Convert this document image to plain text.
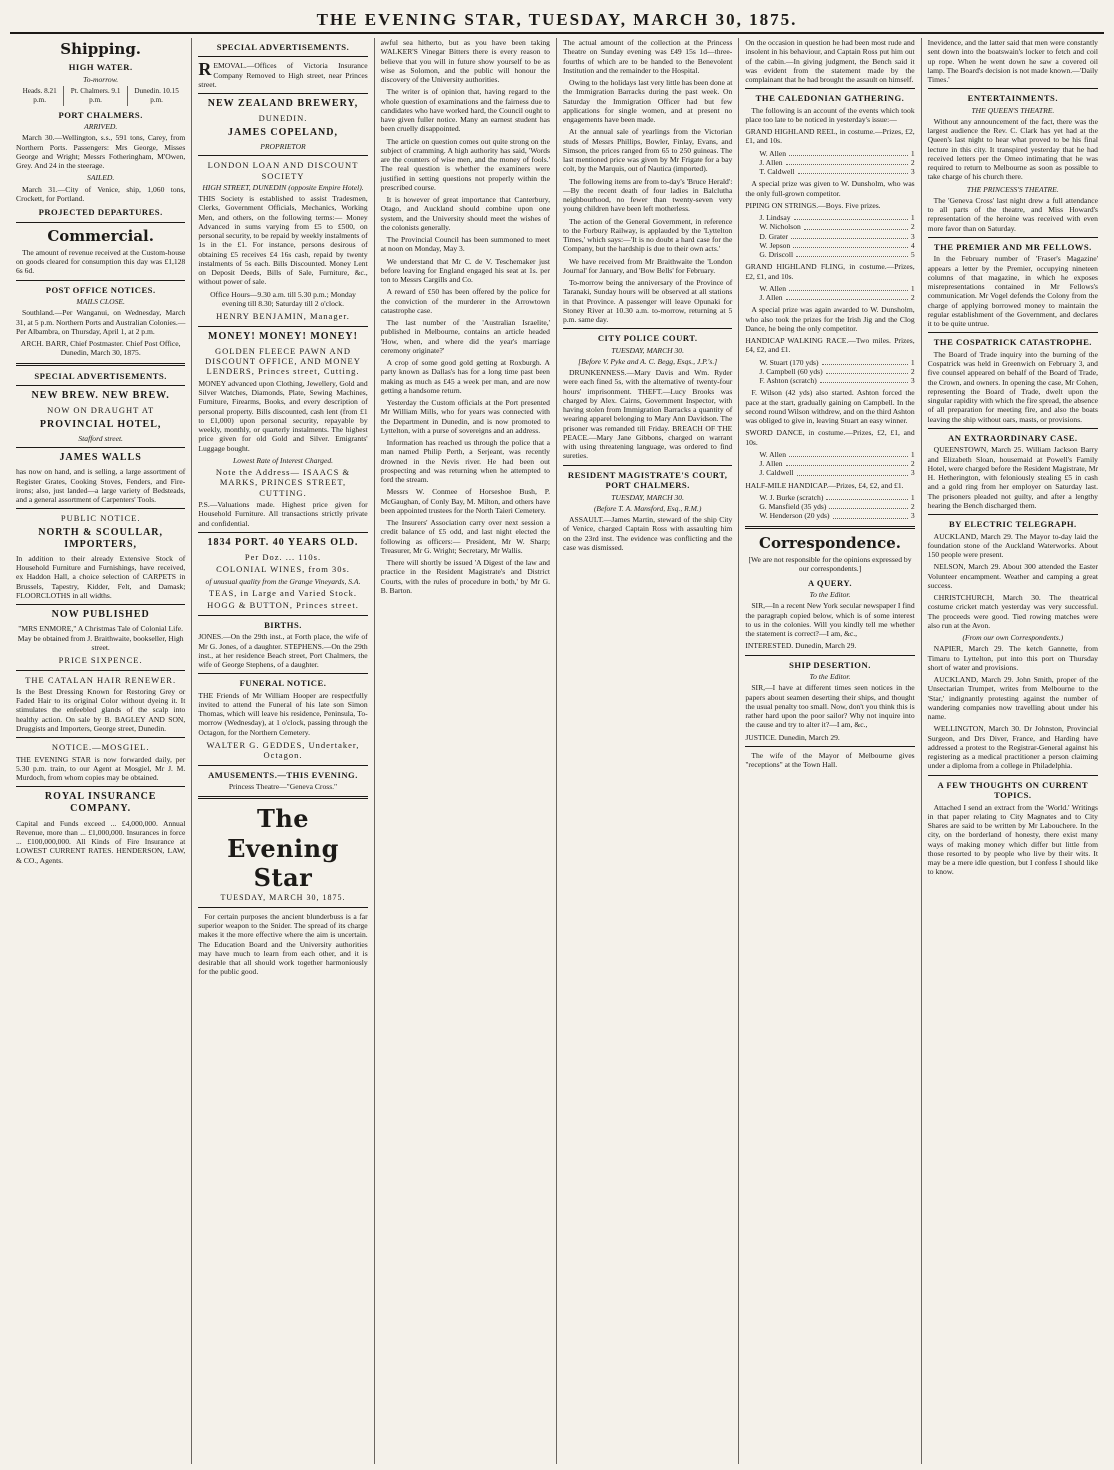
THE EVENING STAR, TUESDAY, MARCH 30, 1875.
Shipping.
HIGH WATER.
To-morrow.
Heads. 8.21 p.m.	Pt. Chalmers. 9.1 p.m.	Dunedin. 10.15 p.m.
PORT CHALMERS.
ARRIVED.

March 30.—Wellington, s.s., 591 tons, Carey, from Northern Ports. Passengers: Mrs George, Misses George and Wright; Messrs Fotheringham, M'Owen, Grey. And 24 in the steerage.

SAILED.

March 31.—City of Venice, ship, 1,060 tons, Crockett, for Portland.

PROJECTED DEPARTURES.
Commercial.

The amount of revenue received at the Custom-house on goods cleared for consumption this day was £1,128 6s 6d.

POST OFFICE NOTICES.
MAILS CLOSE.

Southland.—Per Wanganui, on Wednesday, March 31, at 5 p.m. Northern Ports and Australian Colonies.—Per Albambra, on Thursday, April 1, at 2 p.m.

ARCH. BARR, Chief Postmaster. Chief Post Office, Dunedin, March 30, 1875.

SPECIAL ADVERTISEMENTS.
NEW BREW. NEW BREW.
NOW ON DRAUGHT AT
PROVINCIAL HOTEL,
Stafford street.
JAMES WALLS

has now on hand, and is selling, a large assortment of Register Grates, Cooking Stoves, Fenders, and Fire-irons; also, just landed—a large variety of Bedsteads, and a general assortment of Carpenters' Tools.

PUBLIC NOTICE.
NORTH & SCOULLAR, IMPORTERS,

In addition to their already Extensive Stock of Household Furniture and Furnishings, have received, ex Haddon Hall, a choice selection of CARPETS in Brussels, Tapestry, Kidder, Felt, and Damask; FLOORCLOTHS in all widths.

NOW PUBLISHED

"MRS ENMORE," A Christmas Tale of Colonial Life. May be obtained from J. Braithwaite, bookseller, High street.

PRICE SIXPENCE.
THE CATALAN HAIR RENEWER.

Is the Best Dressing Known for Restoring Grey or Faded Hair to its original Color without dyeing it. It stimulates the enfeebled glands of the scalp into healthy action. On sale by B. BAGLEY AND SON, Druggists and Importers, George street, Dunedin.

NOTICE.—MOSGIEL.

THE EVENING STAR is now forwarded daily, per 5.30 p.m. train, to our Agent at Mosgiel, Mr J. M. Murdoch, from whom copies may be obtained.

ROYAL INSURANCE COMPANY.

Capital and Funds exceed ... £4,000,000. Annual Revenue, more than ... £1,000,000. Insurances in force ... £100,000,000. All Kinds of Fire Insurance at LOWEST CURRENT RATES. HENDERSON, LAW, & CO., Agents.

SPECIAL ADVERTISEMENTS.

REMOVAL.—Offices of Victoria Insurance Company Removed to High street, near Princes street.

NEW ZEALAND BREWERY,
DUNEDIN.
JAMES COPELAND,
PROPRIETOR
LONDON LOAN AND DISCOUNT SOCIETY
HIGH STREET, DUNEDIN (opposite Empire Hotel).

THIS Society is established to assist Tradesmen, Clerks, Government Officials, Mechanics, Working Men, and others, on the following terms:— Money Advanced in sums varying from £5 to £500, on personal security, to be repaid by weekly instalments of 1s in the £1. For instance, persons desirous of obtaining £5 receives £4 16s cash, repaid by twenty instalments of 5s each. Bills Discounted. Money Lent on Deposit Deeds, Bills of Sale, Furniture, &c., without power of sale.

Office Hours—9.30 a.m. till 5.30 p.m.; Monday evening till 8.30; Saturday till 2 o'clock.

HENRY BENJAMIN, Manager.
MONEY! MONEY! MONEY!
GOLDEN FLEECE PAWN AND DISCOUNT OFFICE, AND MONEY LENDERS, Princes street, Cutting.

MONEY advanced upon Clothing, Jewellery, Gold and Silver Watches, Diamonds, Plate, Sewing Machines, Furniture, Firearms, Books, and every description of personal property. Bills discounted, cash lent (from £1 to £1,000) upon personal security, repayable by weekly, monthly, or quarterly instalments. The highest price given for old Gold and Silver. Emigrants' Luggage bought.

Lowest Rate of Interest Charged.
Note the Address— ISAACS & MARKS, PRINCES STREET, CUTTING.

P.S.—Valuations made. Highest price given for Household Furniture. All transactions strictly private and confidential.

1834 PORT. 40 YEARS OLD.
Per Doz. ... 110s.
COLONIAL WINES, from 30s.
of unusual quality from the Grange Vineyards, S.A.
TEAS, in Large and Varied Stock.
HOGG & BUTTON, Princes street.
BIRTHS.

JONES.—On the 29th inst., at Forth place, the wife of Mr G. Jones, of a daughter. STEPHENS.—On the 29th inst., at her residence Beach street, Port Chalmers, the wife of George Stephens, of a daughter.

FUNERAL NOTICE.

THE Friends of Mr William Hooper are respectfully invited to attend the Funeral of his late son Simon Thomas, which will leave his residence, Peninsula, To-morrow (Wednesday), at 1 o'clock, passing through the Octagon, for the Northern Cemetery.

WALTER G. GEDDES, Undertaker, Octagon.
AMUSEMENTS.—THIS EVENING.

Princess Theatre—"Geneva Cross."

The Evening Star
TUESDAY, MARCH 30, 1875.

For certain purposes the ancient blunderbuss is a far superior weapon to the Snider. The spread of its charge makes it the more effective where the aim is uncertain. The Education Board and the University authorities may have much to learn from each other, and it is desirable that all should work together harmoniously for the public good.

awful sea hitherto, but as you have been taking WALKER'S Vinegar Bitters there is every reason to believe that you will in future show yourself to be as wise as Solomon, and the public will honour the discovery of the University authorities.

The writer is of opinion that, having regard to the whole question of examinations and the fairness due to candidates who have worked hard, the Council ought to have given fuller notice. Many an earnest student has been cruelly disappointed.

The article on question comes out quite strong on the subject of cramming. A high authority has said, 'Words are the counters of wise men, and the money of fools.' The real question is whether the examiners were justified in setting questions not properly within the prescribed course.

It is however of great importance that Canterbury, Otago, and Auckland should combine upon one system, and the University should meet the wishes of the colonists generally.

The Provincial Council has been summoned to meet at noon on Monday, May 3.

We understand that Mr C. de V. Teschemaker just before leaving for England engaged his seat at 1s. per ton to Messrs Cargills and Co.

A reward of £50 has been offered by the police for the conviction of the murderer in the Arrowtown catastrophe case.

The last number of the 'Australian Israelite,' published in Melbourne, contains an article headed 'How, when, and where did the year's marriage ceremony originate?'

A crop of some good gold getting at Roxburgh. A party known as Dallas's has for a long time past been making as much as £45 a week per man, and are now getting a handsome return.

Yesterday the Custom officials at the Port presented Mr William Mills, who for years was connected with the Department in Dunedin, and is now promoted to Lyttelton, with a purse of sovereigns and an address.

Information has reached us through the police that a man named Philip Perth, a Serjeant, was recently drowned in the Nevis river. He had been out prospecting and was returning when he attempted to ford the stream.

Messrs W. Conmee of Horseshoe Bush, P. McGaughan, of Conly Bay, M. Milton, and others have been appointed trustees for the North Taieri Cemetery.

The Insurers' Association carry over next session a credit balance of £5 odd, and last night elected the following as officers:— President, Mr W. Sharp; Treasurer, Mr G. Wright; Secretary, Mr Wallis.

There will shortly be issued 'A Digest of the law and practice in the Resident Magistrate's and District Courts, with the rules of procedure in both,' by Mr G. B. Barton.

The actual amount of the collection at the Princess Theatre on Sunday evening was £49 15s 1d—three-fourths of which are to be handed to the Benevolent Institution and the remainder to the Hospital.

Owing to the holidays last very little has been done at the Immigration Barracks during the past week. On Saturday the Immigration Officer had but few applications for single women, and at present no engagements have been made.

At the annual sale of yearlings from the Victorian studs of Messrs Phillips, Bowler, Finlay, Evans, and Simson, the prices ranged from 65 to 250 guineas. The last mentioned price was given by Mr Frigate for a bay colt, by the Marquis, out of Nautica (imported).

The following items are from to-day's 'Bruce Herald':—By the recent death of four ladies in Balclutha neighbourhood, no fewer than twenty-seven very young children have been left motherless.

The action of the General Government, in reference to the Forbury Railway, is applauded by the 'Lyttelton Times,' which says:—'It is no doubt a hard case for the Company, but the hardship is due to their own acts.'

We have received from Mr Braithwaite the 'London Journal' for January, and 'Bow Bells' for February.

To-morrow being the anniversary of the Province of Taranaki, Sunday hours will be observed at all stations in that Province. A passenger will leave Opunaki for Stoney River at 10.30 a.m. to-morrow, returning at 5 p.m. same day.

CITY POLICE COURT.
TUESDAY, MARCH 30.
[Before V. Pyke and A. C. Begg, Esqs., J.P.'s.]

DRUNKENNESS.—Mary Davis and Wm. Ryder were each fined 5s, with the alternative of twenty-four hours' imprisonment. THEFT.—Lucy Brooks was charged by Alex. Cairns, Government Inspector, with having stolen from Immigration Barracks a quantity of wearing apparel belonging to Mary Ann Davidson. The prisoner was remanded till Friday. BREACH OF THE PEACE.—Mary Jane Gibbons, charged on warrant with using threatening language, was ordered to find sureties.

RESIDENT MAGISTRATE'S COURT, PORT CHALMERS.
TUESDAY, MARCH 30.
(Before T. A. Mansford, Esq., R.M.)

ASSAULT.—James Martin, steward of the ship City of Venice, charged Captain Ross with assaulting him on the 23rd inst. The evidence was conflicting and the case was dismissed.

On the occasion in question he had been most rude and insolent in his behaviour, and Captain Ross put him out of the cabin.—In giving judgment, the Bench said it was evident from the statement made by the complainant that he had brought the assault on himself.

THE CALEDONIAN GATHERING.

The following is an account of the events which took place too late to be noticed in yesterday's issue:—

GRAND HIGHLAND REEL, in costume.—Prizes, £2, £1, and 10s.

W. Allen	1
J. Allen	2
T. Caldwell	3

A special prize was given to W. Dunsholm, who was the only full-grown competitor.

PIPING ON STRINGS.—Boys. Five prizes.

J. Lindsay	1
W. Nicholson	2
D. Grater	3
W. Jepson	4
G. Driscoll	5

GRAND HIGHLAND FLING, in costume.—Prizes, £2, £1, and 10s.

W. Allen	1
J. Allen	2

A special prize was again awarded to W. Dunsholm, who also took the prizes for the Irish Jig and the Clog Dance, he being the only competitor.

HANDICAP WALKING RACE.—Two miles. Prizes, £4, £2, and £1.

W. Stuart (170 yds)	1
J. Campbell (60 yds)	2
F. Ashton (scratch)	3

F. Wilson (42 yds) also started. Ashton forced the pace at the start, gradually gaining on Campbell. In the second round Wilson withdrew, and on the third Ashton was obliged to give in, leaving Stuart an easy winner.

SWORD DANCE, in costume.—Prizes, £2, £1, and 10s.

W. Allen	1
J. Allen	2
J. Caldwell	3

HALF-MILE HANDICAP.—Prizes, £4, £2, and £1.

W. J. Burke (scratch)	1
G. Mansfield (35 yds)	2
W. Henderson (20 yds)	3
Correspondence.

[We are not responsible for the opinions expressed by our correspondents.]

A QUERY.
To the Editor.

SIR,—In a recent New York secular newspaper I find the paragraph copied below, which is of some interest to us in the colonies. Will you kindly tell me whether the statement is correct?—I am, &c.,

INTERESTED. Dunedin, March 29.

SHIP DESERTION.
To the Editor.

SIR,—I have at different times seen notices in the papers about seamen deserting their ships, and thought the usual penalty too small. Now, don't you think this is rather hard upon the poor sailor? Why not inquire into the cause and try to alter it?—I am, &c.,

JUSTICE. Dunedin, March 29.

The wife of the Mayor of Melbourne gives "receptions" at the Town Hall.

Inevidence, and the latter said that men were constantly sent down into the boatswain's locker to fetch and coil up rope. When he went down he saw a covered oil lamp. The Board's decision is not made known.—'Daily Times.'

ENTERTAINMENTS.
THE QUEEN'S THEATRE.

Without any announcement of the fact, there was the largest audience the Rev. C. Clark has yet had at the Queen's last night to hear what proved to be his final lecture in this city. It transpired yesterday that he had received letters per the Omeo intimating that he was required to return to Melbourne as soon as possible to take charge of his church there.

THE PRINCESS'S THEATRE.

The 'Geneva Cross' last night drew a full attendance to all parts of the theatre, and Miss Howard's representation of the heroine was received with even more favor than on Saturday.

THE PREMIER AND MR FELLOWS.

In the February number of 'Fraser's Magazine' appears a letter by the Premier, occupying nineteen columns of that magazine, in which he exposes misrepresentations contained in Mr Fellows's communication. Mr Vogel defends the Colony from the charge of applying borrowed money to maintain the regular establishment of the Government, and declares it to be quite untrue.

THE COSPATRICK CATASTROPHE.

The Board of Trade inquiry into the burning of the Cospatrick was held in Greenwich on February 3, and five counsel appeared on behalf of the Board of Trade, the Crown, and owners. In opening the case, Mr Cohen, representing the Board of Trade, dwelt upon the singular rapidity with which the fire spread, the absence of all preparation for meeting fire, and also the boats leaving the ship without oars, masts, or provisions.

AN EXTRAORDINARY CASE.

QUEENSTOWN, March 25. William Jackson Barry and Elizabeth Sloan, housemaid at Powell's Family Hotel, were charged before the Resident Magistrate, Mr H. Hetherington, with feloniously stealing £5 in cash and a gold ring from her employer on Saturday last. The prisoners pleaded not guilty, and after a lengthy hearing the Bench discharged them.

BY ELECTRIC TELEGRAPH.

AUCKLAND, March 29. The Mayor to-day laid the foundation stone of the Auckland Waterworks. About 150 people were present.

NELSON, March 29. About 300 attended the Easter Volunteer encampment. Weather and camping a great success.

CHRISTCHURCH, March 30. The theatrical costume cricket match yesterday was very successful. The proceeds were good. Tied rowing matches were also run at the Avon.

(From our own Correspondents.)

NAPIER, March 29. The ketch Gannette, from Timaru to Lyttelton, put into this port on Thursday short of water and provisions.

AUCKLAND, March 29. John Smith, proper of the Unsectarian Trumpet, writes from Melbourne to the 'Star,' indignantly protesting against the number of wandering companies now travelling about under his name.

WELLINGTON, March 30. Dr Johnston, Provincial Surgeon, and Drs Diver, France, and Harding have addressed a protest to the Registrar-General against his registering as a medical practitioner a person claiming under a diploma from a college in Philadelphia.

A FEW THOUGHTS ON CURRENT TOPICS.

Attached I send an extract from the 'World.' Writings in that paper relating to City Magnates and to City Shares are said to be written by Mr Labouchere. In the city, on the borderland of honesty, there exist many ways of making money which differ but little from those resorted to by people who live by their wits. It may be a mere idle question, but I confess I should like to know.
